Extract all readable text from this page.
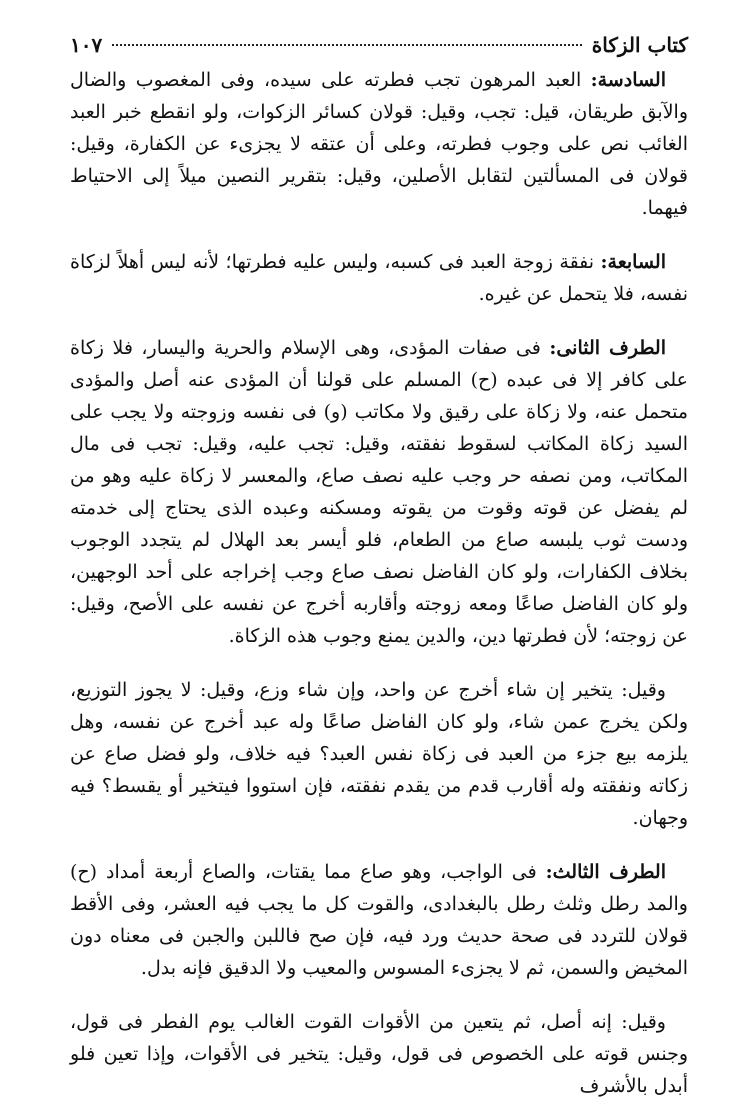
كتاب الزكاة
١٠٧

السادسة: العبد المرهون تجب فطرته على سيده، وفى المغصوب والضال والآبق طريقان، قيل: تجب، وقيل: قولان كسائر الزكوات، ولو انقطع خبر العبد الغائب نص على وجوب فطرته، وعلى أن عتقه لا يجزىء عن الكفارة، وقيل: قولان فى المسألتين لتقابل الأصلين، وقيل: بتقرير النصين ميلاً إلى الاحتياط فيهما.

السابعة: نفقة زوجة العبد فى كسبه، وليس عليه فطرتها؛ لأنه ليس أهلاً لزكاة نفسه، فلا يتحمل عن غيره.

الطرف الثانى: فى صفات المؤدى، وهى الإسلام والحرية واليسار، فلا زكاة على كافر إلا فى عبده (ح) المسلم على قولنا أن المؤدى عنه أصل والمؤدى متحمل عنه، ولا زكاة على رقيق ولا مكاتب (و) فى نفسه وزوجته ولا يجب على السيد زكاة المكاتب لسقوط نفقته، وقيل: تجب عليه، وقيل: تجب فى مال المكاتب، ومن نصفه حر وجب عليه نصف صاع، والمعسر لا زكاة عليه وهو من لم يفضل عن قوته وقوت من يقوته ومسكنه وعبده الذى يحتاج إلى خدمته ودست ثوب يلبسه صاع من الطعام، فلو أيسر بعد الهلال لم يتجدد الوجوب بخلاف الكفارات، ولو كان الفاضل نصف صاع وجب إخراجه على أحد الوجهين، ولو كان الفاضل صاعًا ومعه زوجته وأقاربه أخرج عن نفسه على الأصح، وقيل: عن زوجته؛ لأن فطرتها دين، والدين يمنع وجوب هذه الزكاة.

وقيل: يتخير إن شاء أخرج عن واحد، وإن شاء وزع، وقيل: لا يجوز التوزيع، ولكن يخرج عمن شاء، ولو كان الفاضل صاعًا وله عبد أخرج عن نفسه، وهل يلزمه بيع جزء من العبد فى زكاة نفس العبد؟ فيه خلاف، ولو فضل صاع عن زكاته ونفقته وله أقارب قدم من يقدم نفقته، فإن استووا فيتخير أو يقسط؟ فيه وجهان.

الطرف الثالث: فى الواجب، وهو صاع مما يقتات، والصاع أربعة أمداد (ح) والمد رطل وثلث رطل بالبغدادى، والقوت كل ما يجب فيه العشر، وفى الأقط قولان للتردد فى صحة حديث ورد فيه، فإن صح فاللبن والجبن فى معناه دون المخيض والسمن، ثم لا يجزىء المسوس والمعيب ولا الدقيق فإنه بدل.

وقيل: إنه أصل، ثم يتعين من الأقوات القوت الغالب يوم الفطر فى قول، وجنس قوته على الخصوص فى قول، وقيل: يتخير فى الأقوات، وإذا تعين فلو أبدل بالأشرف
